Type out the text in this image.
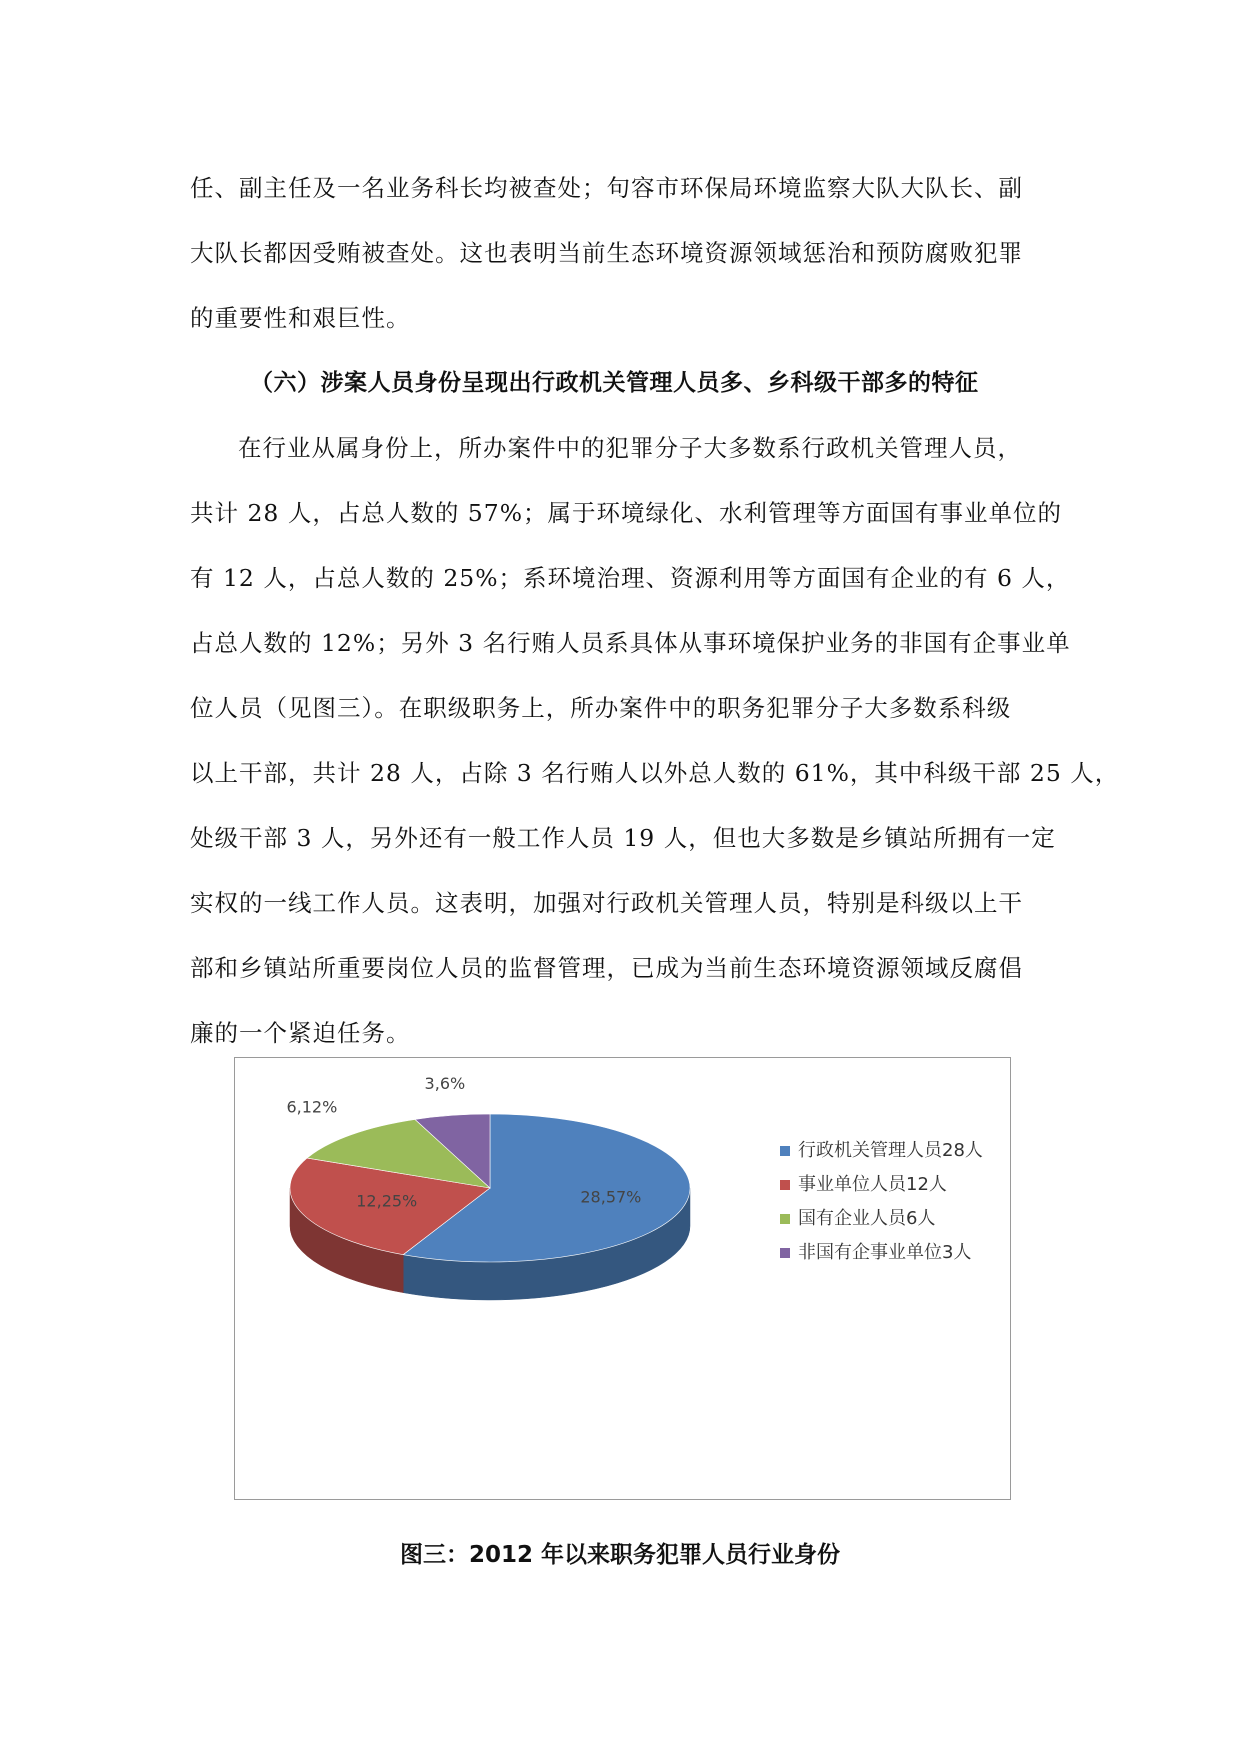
任、副主任及一名业务科长均被查处；句容市环保局环境监察大队大队长、副

大队长都因受贿被查处。这也表明当前生态环境资源领域惩治和预防腐败犯罪

的重要性和艰巨性。

（六）涉案人员身份呈现出行政机关管理人员多、乡科级干部多的特征

在行业从属身份上，所办案件中的犯罪分子大多数系行政机关管理人员，

共计 28 人，占总人数的 57%；属于环境绿化、水利管理等方面国有事业单位的

有 12 人，占总人数的 25%；系环境治理、资源利用等方面国有企业的有 6 人，

占总人数的 12%；另外 3 名行贿人员系具体从事环境保护业务的非国有企事业单

位人员（见图三）。在职级职务上，所办案件中的职务犯罪分子大多数系科级

以上干部，共计 28 人，占除 3 名行贿人以外总人数的 61%，其中科级干部 25 人，

处级干部 3 人，另外还有一般工作人员 19 人，但也大多数是乡镇站所拥有一定

实权的一线工作人员。这表明，加强对行政机关管理人员，特别是科级以上干

部和乡镇站所重要岗位人员的监督管理，已成为当前生态环境资源领域反腐倡

廉的一个紧迫任务。

28,57%
12,25%
6,12%
3,6%
行政机关管理人员28人
事业单位人员12人
国有企业人员6人
非国有企事业单位3人

图三：2012 年以来职务犯罪人员行业身份
